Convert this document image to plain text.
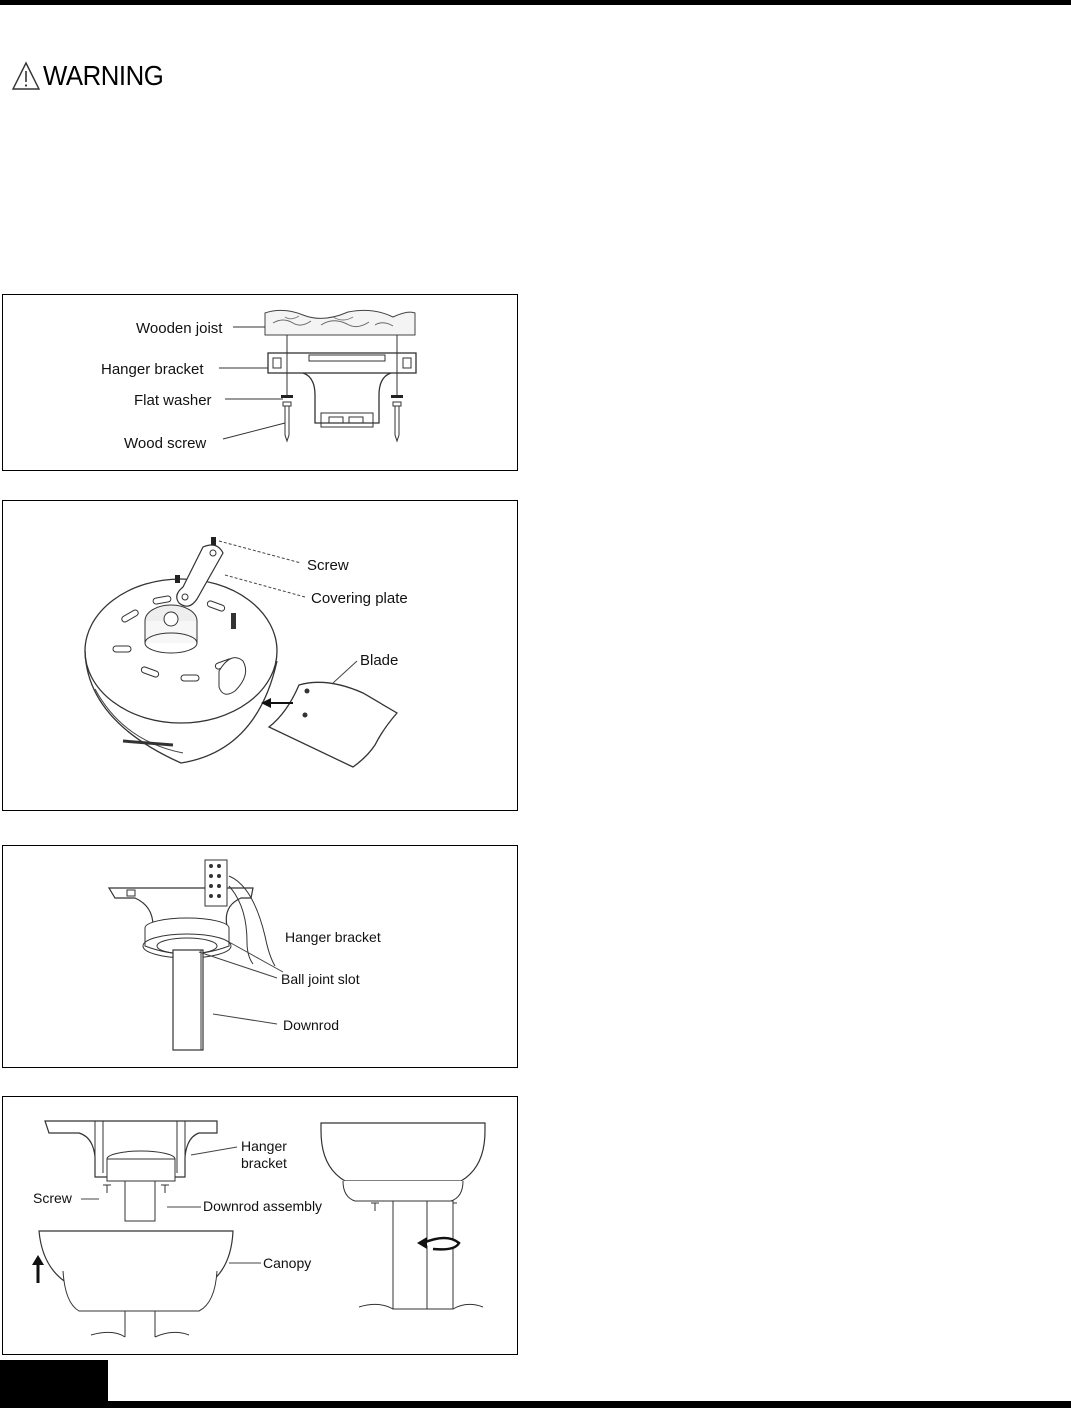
WARNING
Wooden joist
Hanger bracket
Flat washer
Wood screw
Screw
Covering plate
Blade
Hanger bracket
Ball joint slot
Downrod
Hanger
bracket
Screw	Downrod assembly
Canopy
